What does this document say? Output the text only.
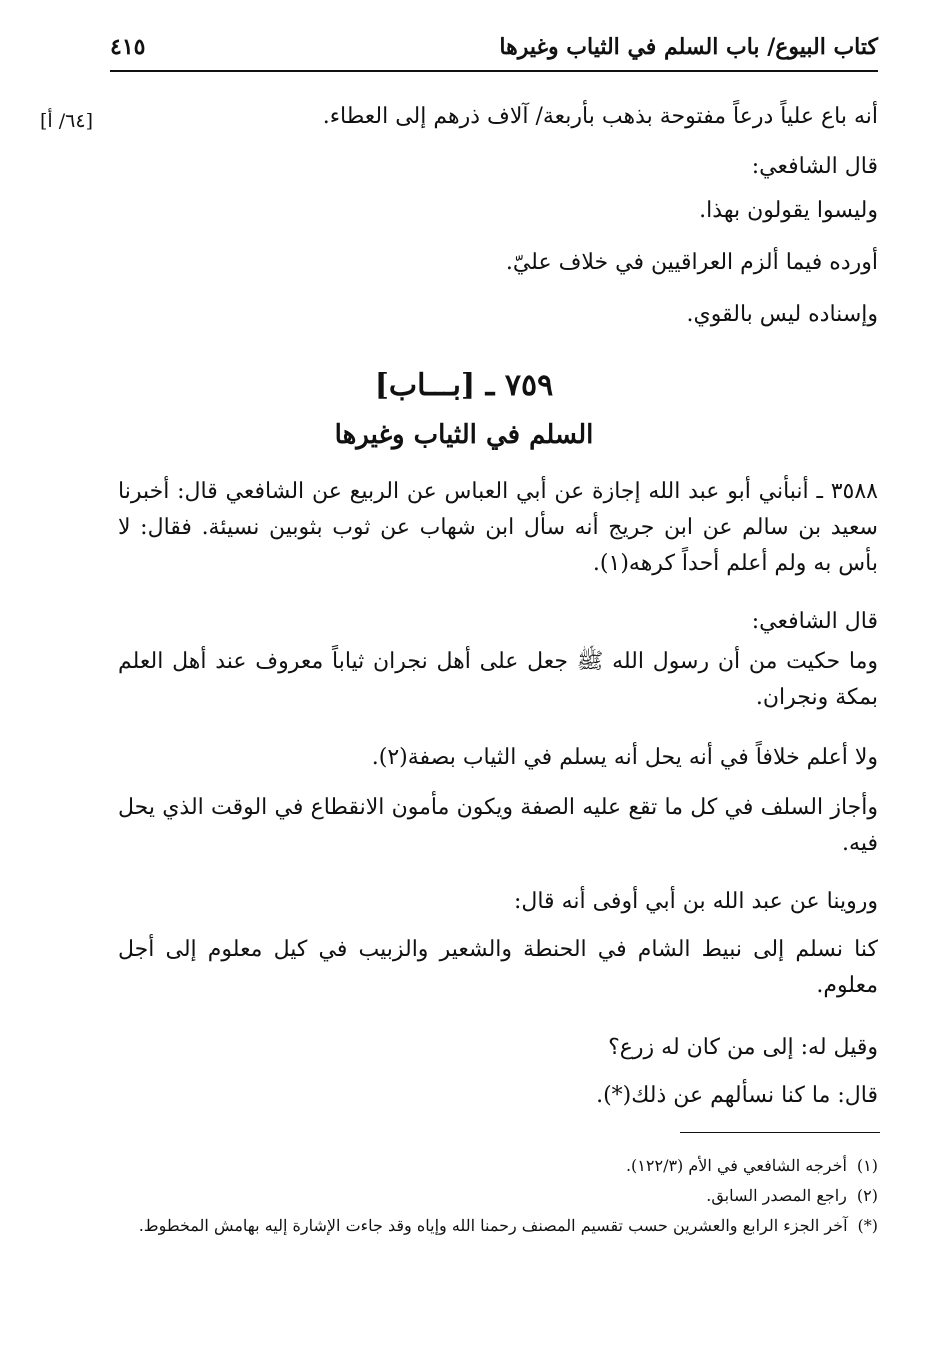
كتاب البيوع/ باب السلم في الثياب وغيرها
٤١٥
[٦٤/ أ]	أنه باع علياً درعاً مفتوحة بذهب بأربعة/ آلاف ذرهم إلى العطاء.
قال الشافعي:
وليسوا يقولون بهذا.
أورده فيما ألزم العراقيين في خلاف عليّ.
وإسناده ليس بالقوي.
٧٥٩ ـ [بـــاب]
السلم في الثياب وغيرها
٣٥٨٨ ـ أنبأني أبو عبد الله إجازة عن أبي العباس عن الربيع عن الشافعي قال: أخبرنا سعيد بن سالم عن ابن جريج أنه سأل ابن شهاب عن ثوب بثوبين نسيئة. فقال: لا بأس به ولم أعلم أحداً كرهه(١).
قال الشافعي:
وما حكيت من أن رسول الله ﷺ جعل على أهل نجران ثياباً معروف عند أهل العلم بمكة ونجران.
ولا أعلم خلافاً في أنه يحل أنه يسلم في الثياب بصفة(٢).
وأجاز السلف في كل ما تقع عليه الصفة ويكون مأمون الانقطاع في الوقت الذي يحل فيه.
وروينا عن عبد الله بن أبي أوفى أنه قال:
كنا نسلم إلى نبيط الشام في الحنطة والشعير والزبيب في كيل معلوم إلى أجل معلوم.
وقيل له: إلى من كان له زرع؟
قال: ما كنا نسألهم عن ذلك(*).
(١)أخرجه الشافعي في الأم (١٢٢/٣).
(٢)راجع المصدر السابق.
(*)آخر الجزء الرابع والعشرين حسب تقسيم المصنف رحمنا الله وإياه وقد جاءت الإشارة إليه بهامش المخطوط.
